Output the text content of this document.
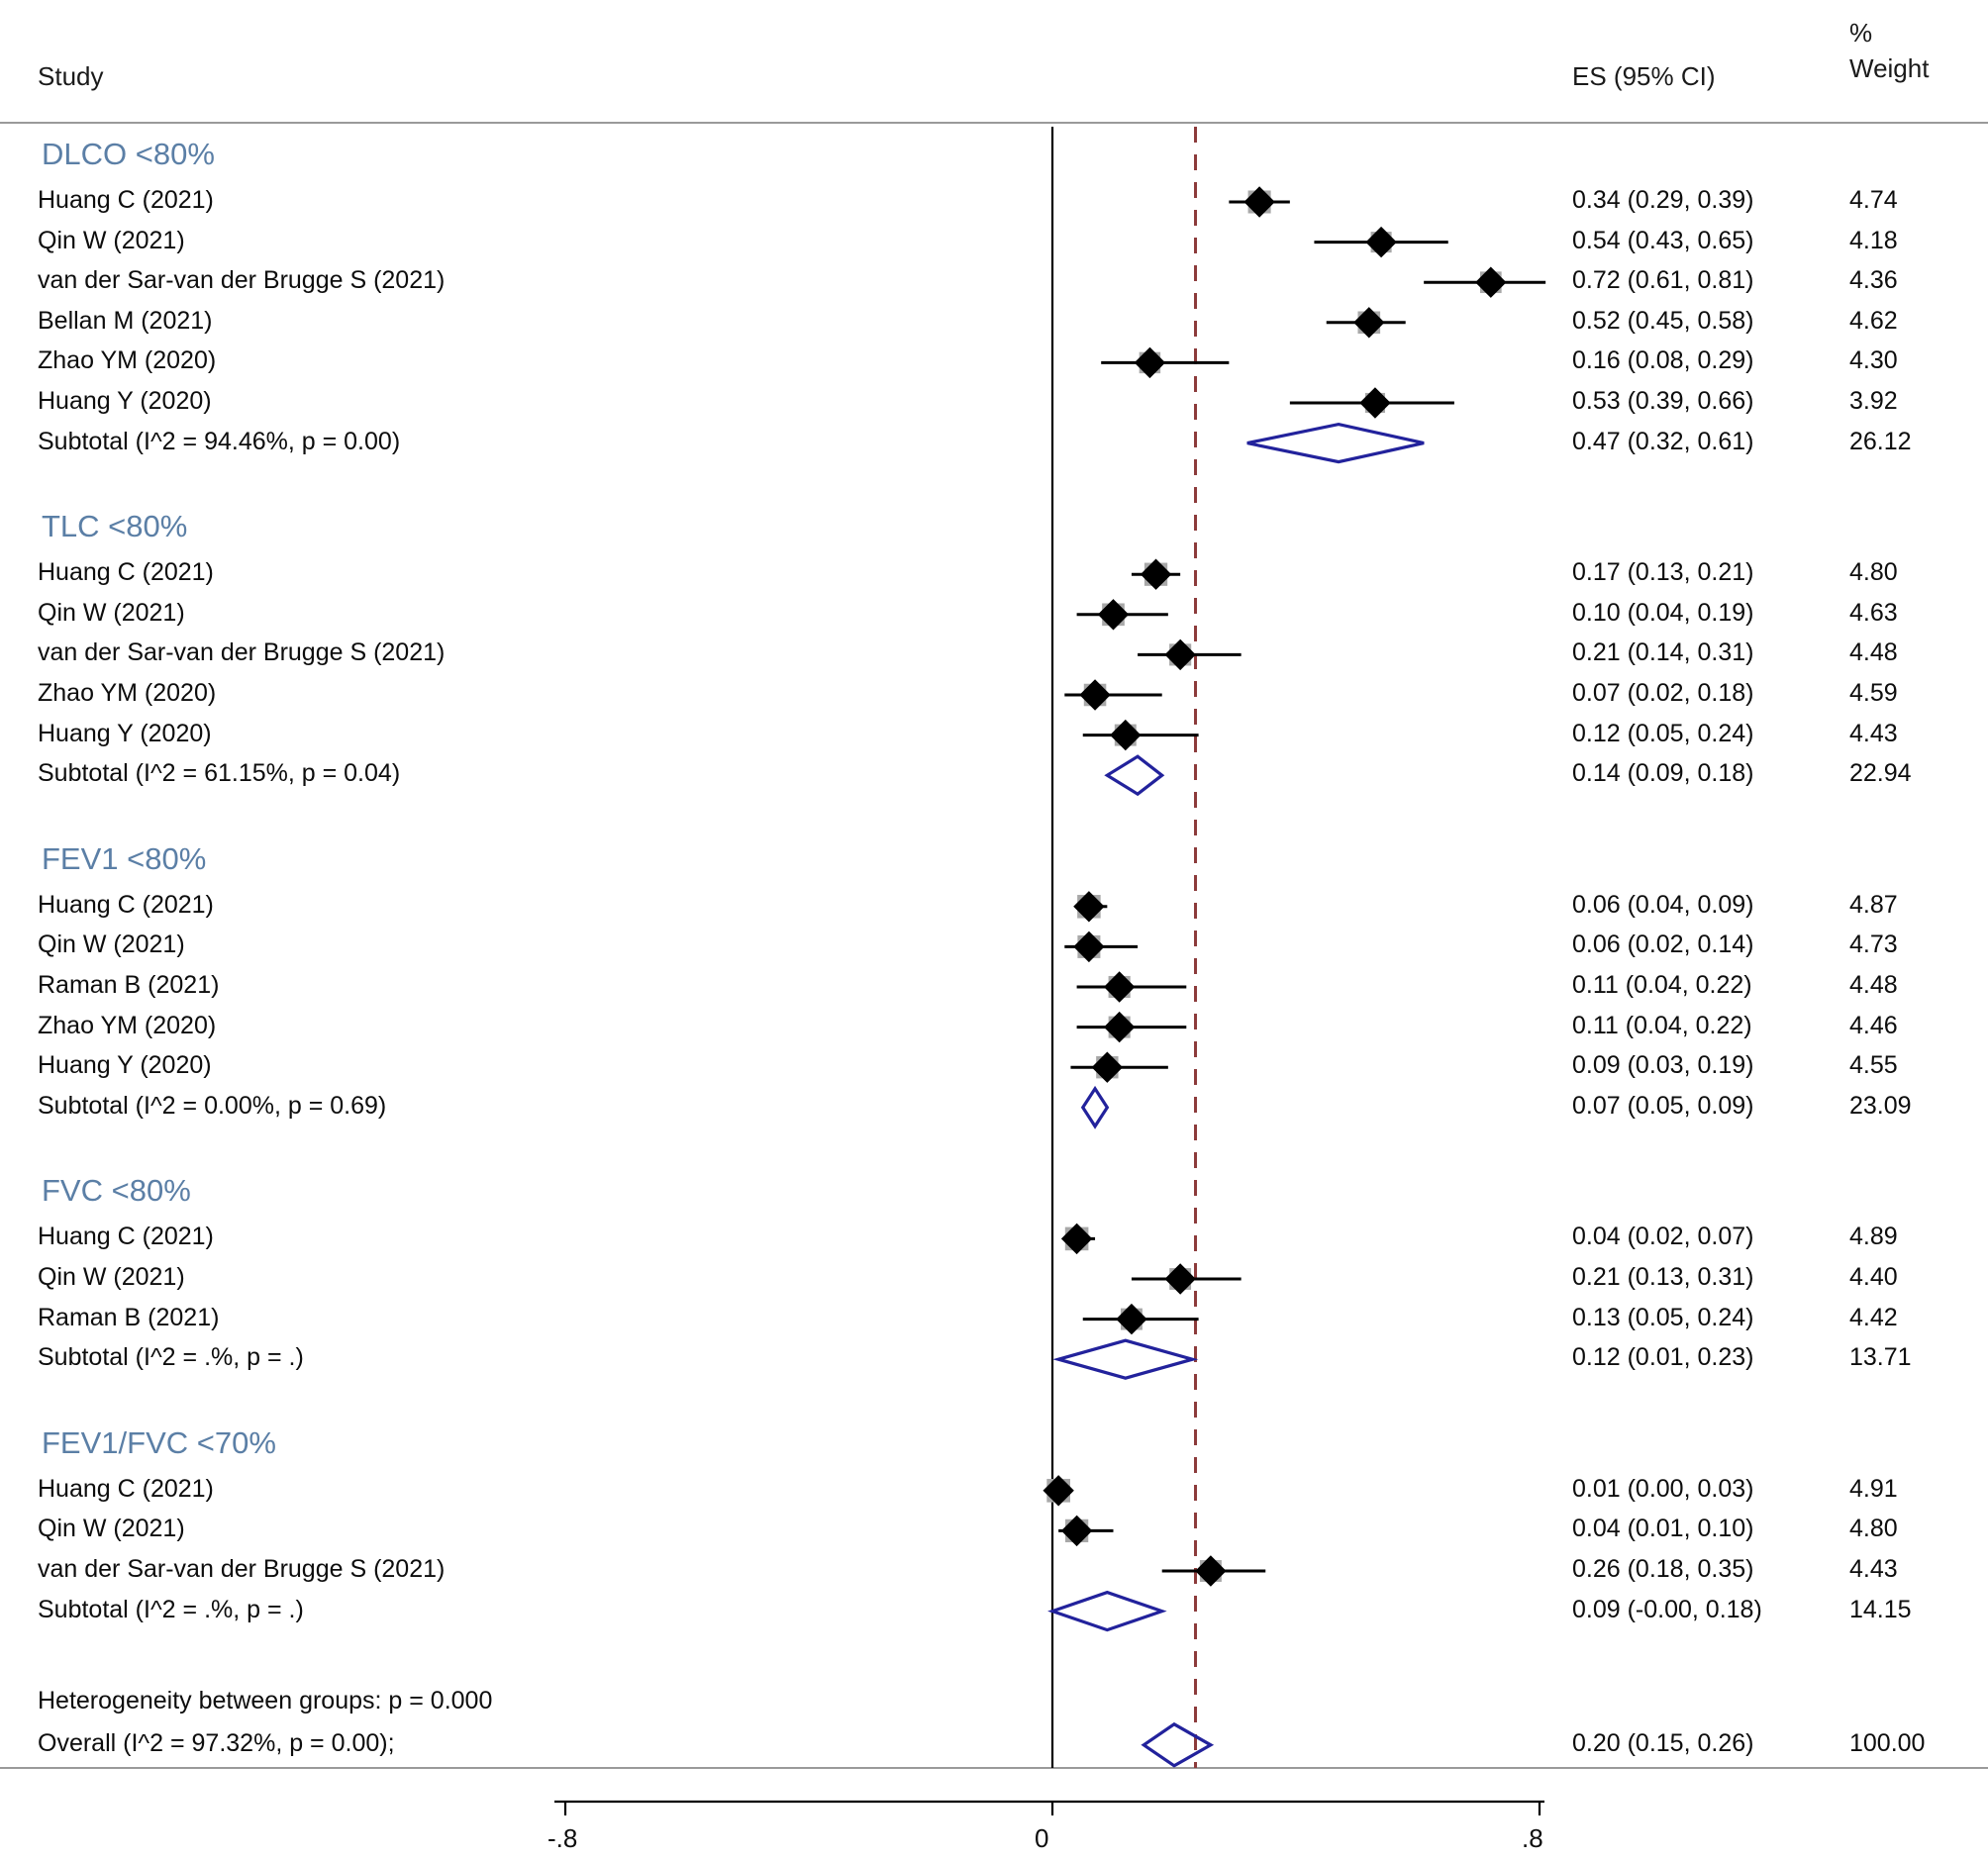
Study	ES (95% CI)
%
Weight
DLCO <80%
Huang C (2021)	0.34 (0.29, 0.39)	4.74
Qin W (2021)	0.54 (0.43, 0.65)	4.18
van der Sar-van der Brugge S (2021)	0.72 (0.61, 0.81)	4.36
Bellan M (2021)	0.52 (0.45, 0.58)	4.62
Zhao YM (2020)	0.16 (0.08, 0.29)	4.30
Huang Y (2020)	0.53 (0.39, 0.66)	3.92
Subtotal (I^2 = 94.46%, p = 0.00)	0.47 (0.32, 0.61)	26.12
TLC <80%
Huang C (2021)	0.17 (0.13, 0.21)	4.80
Qin W (2021)	0.10 (0.04, 0.19)	4.63
van der Sar-van der Brugge S (2021)	0.21 (0.14, 0.31)	4.48
Zhao YM (2020)	0.07 (0.02, 0.18)	4.59
Huang Y (2020)	0.12 (0.05, 0.24)	4.43
Subtotal (I^2 = 61.15%, p = 0.04)	0.14 (0.09, 0.18)	22.94
FEV1 <80%
Huang C (2021)	0.06 (0.04, 0.09)	4.87
Qin W (2021)	0.06 (0.02, 0.14)	4.73
Raman B (2021)	0.11 (0.04, 0.22)	4.48
Zhao YM (2020)	0.11 (0.04, 0.22)	4.46
Huang Y (2020)	0.09 (0.03, 0.19)	4.55
Subtotal (I^2 = 0.00%, p = 0.69)	0.07 (0.05, 0.09)	23.09
FVC <80%
Huang C (2021)	0.04 (0.02, 0.07)	4.89
Qin W (2021)	0.21 (0.13, 0.31)	4.40
Raman B (2021)	0.13 (0.05, 0.24)	4.42
Subtotal (I^2 = .%, p = .)	0.12 (0.01, 0.23)	13.71
FEV1/FVC <70%
Huang C (2021)	0.01 (0.00, 0.03)	4.91
Qin W (2021)	0.04 (0.01, 0.10)	4.80
van der Sar-van der Brugge S (2021)	0.26 (0.18, 0.35)	4.43
Subtotal (I^2 = .%, p = .)	0.09 (-0.00, 0.18)	14.15
Heterogeneity between groups: p = 0.000
Overall (I^2 = 97.32%, p = 0.00);	0.20 (0.15, 0.26)	100.00
-.8	0	.8
